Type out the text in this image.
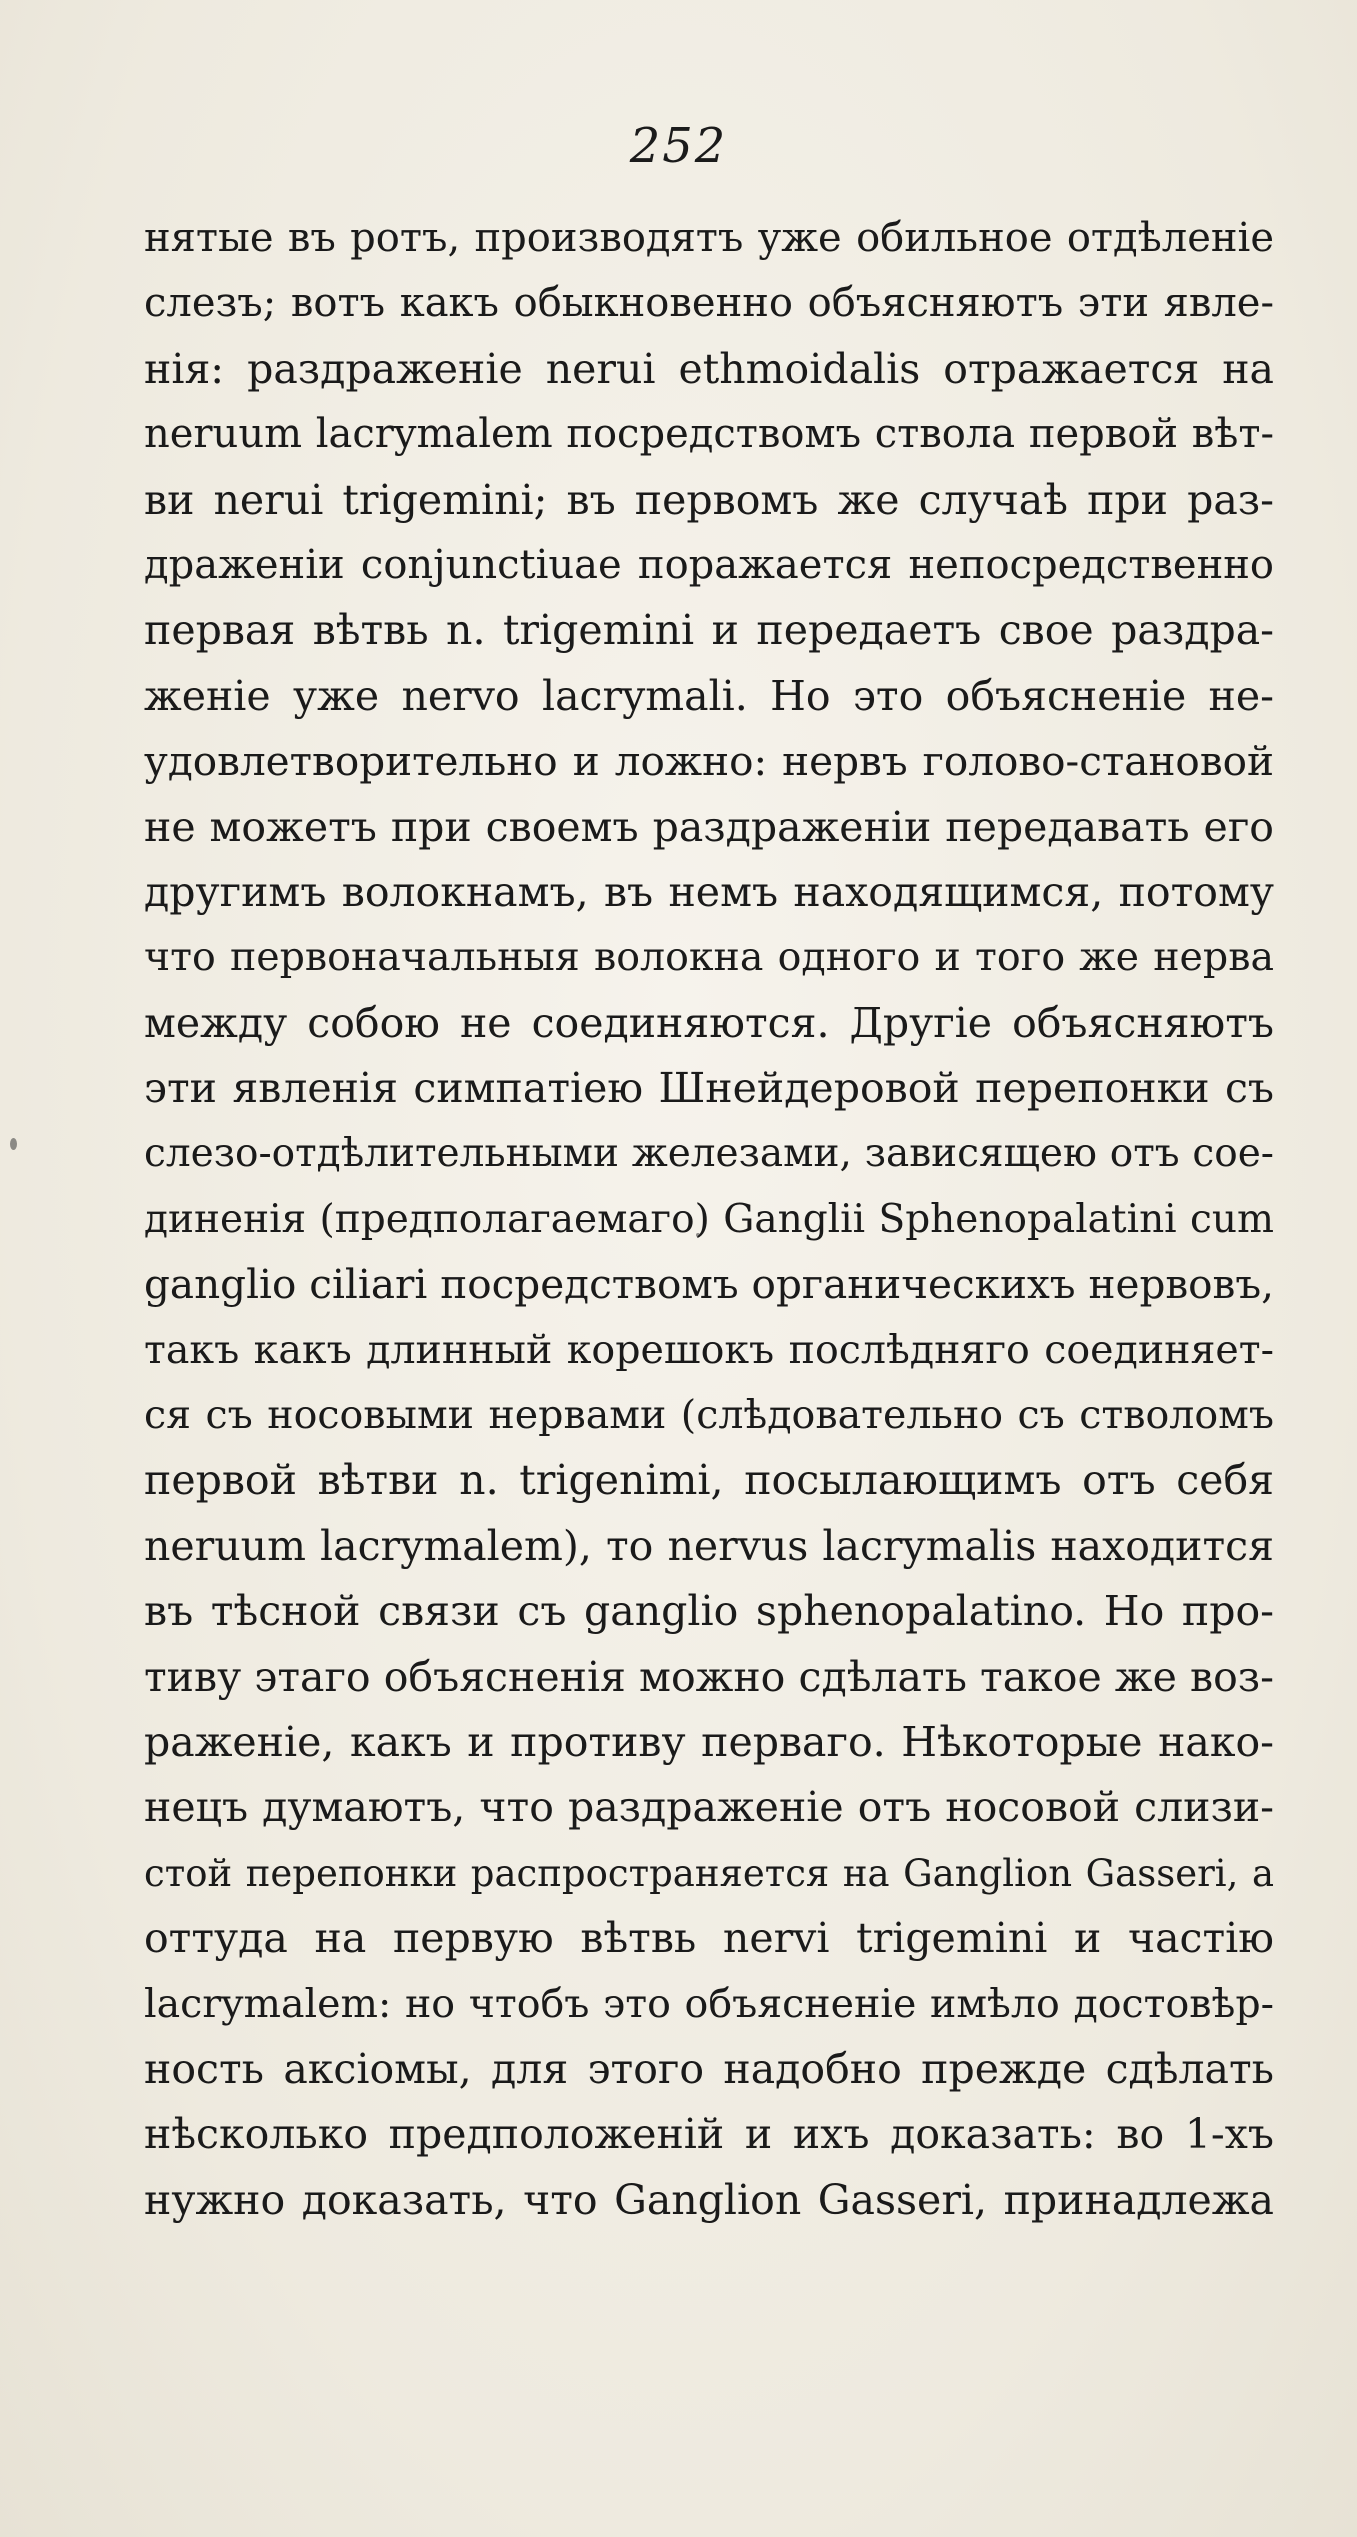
252
нятые въ ротъ, производятъ уже обильное отдѣленіе
слезъ; вотъ какъ обыкновенно объясняютъ эти явле-
нія: раздраженіе nerui ethmoidalis отражается на
neruum lacrymalem посредствомъ ствола первой вѣт-
ви nerui trigemini; въ первомъ же случаѣ при раз-
драженіи conjunctiuae поражается непосредственно
первая вѣтвь n. trigemini и передаетъ свое раздра-
женіе уже nervo lacrymali. Но это объясненіе не-
удовлетворительно и ложно: нервъ голово-становой
не можетъ при своемъ раздраженіи передавать его
другимъ волокнамъ, въ немъ находящимся, потому
что первоначальныя волокна одного и того же нерва
между собою не соединяются. Другіе объясняютъ
эти явленія симпатіею Шнейдеровой перепонки съ
слезо-отдѣлительными железами, зависящею отъ сое-
диненія (предполагаемаго) Ganglii Sphenopalatini cum
ganglio ciliari посредствомъ органическихъ нервовъ,
такъ какъ длинный корешокъ послѣдняго соединяет-
ся съ носовыми нервами (слѣдовательно съ стволомъ
первой вѣтви n. trigenimi, посылающимъ отъ себя
neruum lacrymalem), то nervus lacrymalis находится
въ тѣсной связи съ ganglio sphenopalatino. Но про-
тиву этаго объясненія можно сдѣлать такое же воз-
раженіе, какъ и противу перваго. Нѣкоторые нако-
нецъ думаютъ, что раздраженіе отъ носовой слизи-
стой перепонки распространяется на Ganglion Gasseri, а
оттуда на первую вѣтвь nervi trigemini и частію
lacrymalem: но чтобъ это объясненіе имѣло достовѣр-
ность аксіомы, для этого надобно прежде сдѣлать
нѣсколько предположеній и ихъ доказать: во 1-хъ
нужно доказать, что Ganglion Gasseri, принадлежа
